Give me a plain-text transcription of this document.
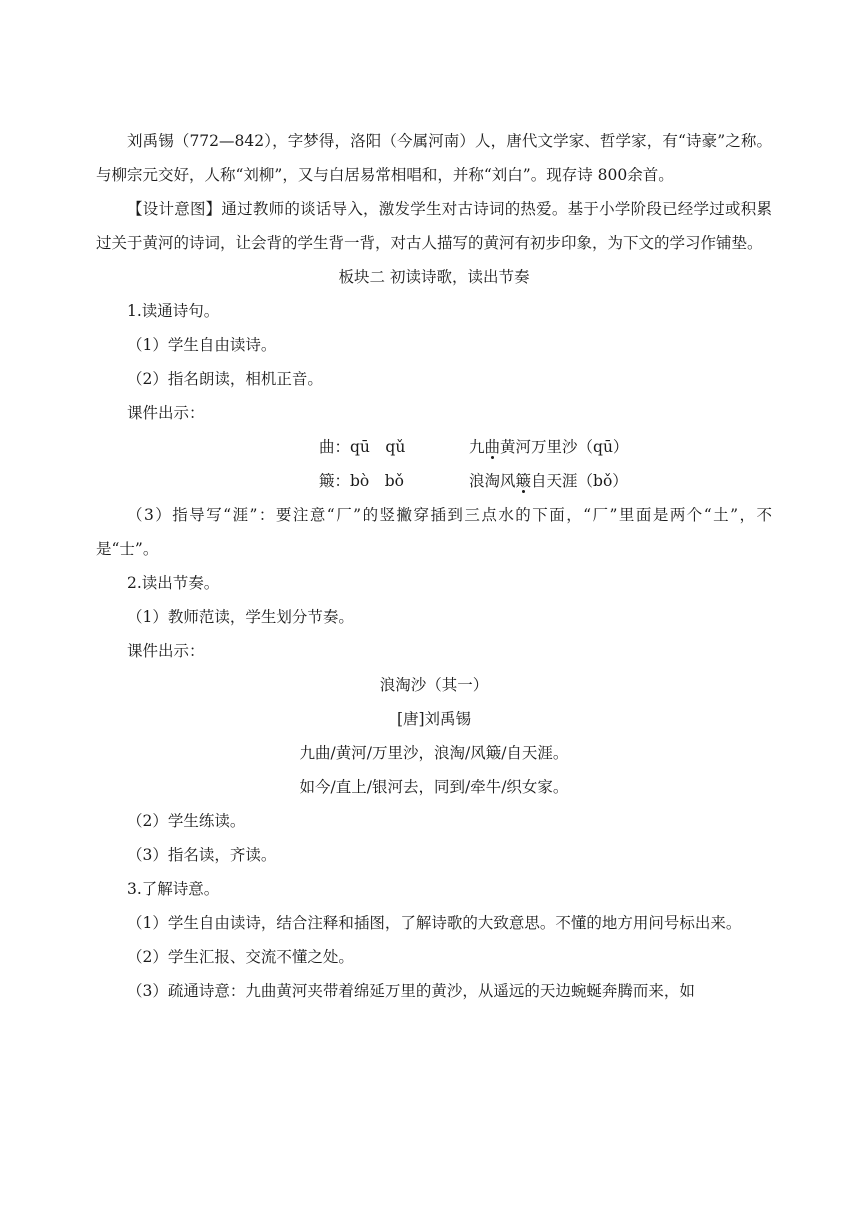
刘禹锡（772—842），字梦得，洛阳（今属河南）人，唐代文学家、哲学家，有“诗豪”之称。与柳宗元交好，人称“刘柳”，又与白居易常相唱和，并称“刘白”。现存诗 800余首。

【设计意图】通过教师的谈话导入，激发学生对古诗词的热爱。基于小学阶段已经学过或积累过关于黄河的诗词，让会背的学生背一背，对古人描写的黄河有初步印象，为下文的学习作铺垫。

板块二 初读诗歌，读出节奏

1.读通诗句。

（1）学生自由读诗。

（2）指名朗读，相机正音。

课件出示：

曲：qū　qǔ	九曲黄河万里沙（qū）
簸：bò　bǒ	浪淘风簸自天涯（bǒ）

（3）指导写“涯”：要注意“厂”的竖撇穿插到三点水的下面，“厂”里面是两个“土”，不是“士”。

2.读出节奏。

（1）教师范读，学生划分节奏。

课件出示：

浪淘沙（其一）

[唐]刘禹锡

九曲/黄河/万里沙，浪淘/风簸/自天涯。

如今/直上/银河去，同到/牵牛/织女家。

（2）学生练读。

（3）指名读，齐读。

3.了解诗意。

（1）学生自由读诗，结合注释和插图，了解诗歌的大致意思。不懂的地方用问号标出来。

（2）学生汇报、交流不懂之处。

（3）疏通诗意：九曲黄河夹带着绵延万里的黄沙，从遥远的天边蜿蜒奔腾而来，如
